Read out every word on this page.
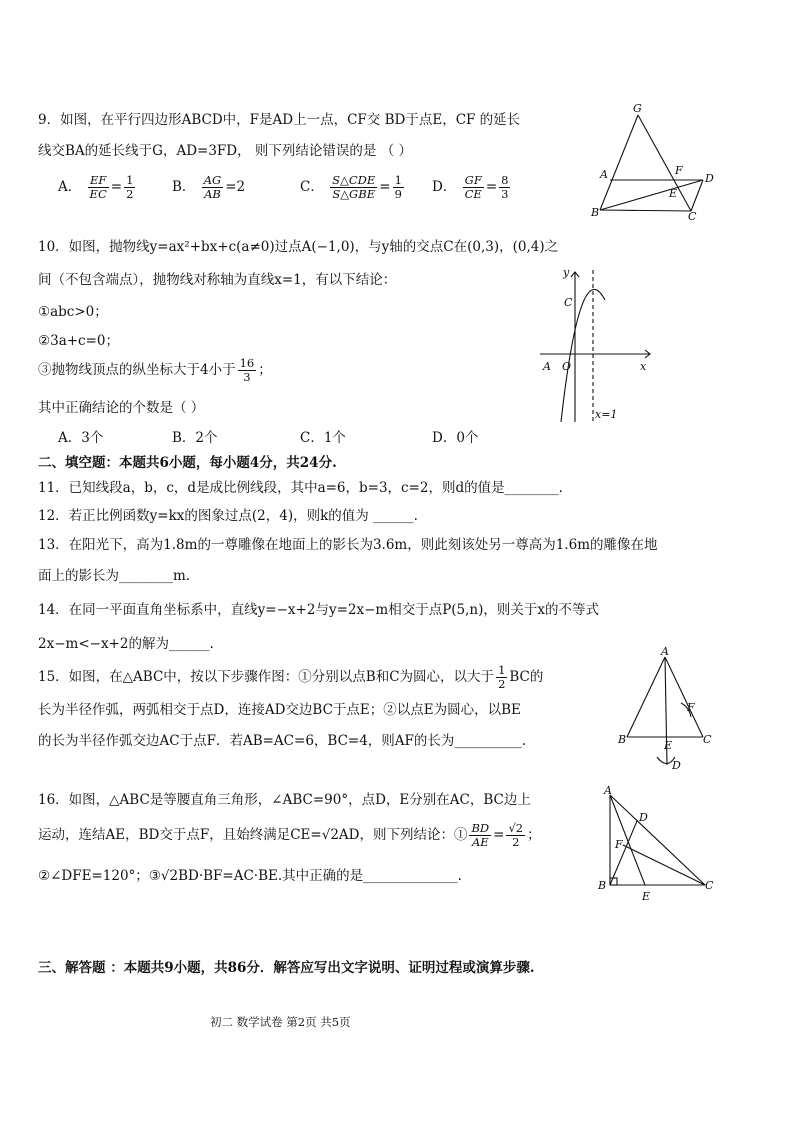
9．如图，在平行四边形ABCD中，F是AD上一点，CF交 BD于点E，CF 的延长
线交BA的延长线于G，AD=3FD， 则下列结论错误的是 （ ）
A． $\frac{EF}{EC} = \frac{1}{2}$	B． $\frac{AG}{AB} =2$	C． $\frac{\text{S△CDE}}{\text{S△GBE}} = \frac{1}{9}$ D． $\frac{GF}{CE} = \frac{8}{3}$
G
A	F
D
E
B	C
10．如图，抛物线y=ax²+bx+c(a≠0)过点A(−1,0)，与y轴的交点C在(0,3)，(0,4)之
间（不包含端点），抛物线对称轴为直线x=1，有以下结论：
①abc>0；
②3a+c=0；
③抛物线顶点的纵坐标大于4小于 $\frac{16}{3}$ ；
其中正确结论的个数是（ ）
A．3个	B．2个	C．1个	D．0个
y
C
A O	x
x=1
二、填空题：本题共6小题，每小题4分，共24分.
11．已知线段a，b，c，d是成比例线段，其中a=6，b=3，c=2，则d的值是________.
12．若正比例函数y=kx的图象过点(2，4)，则k的值为 ______.
13．在阳光下，高为1.8m的一尊雕像在地面上的影长为3.6m，则此刻该处另一尊高为1.6m的雕像在地
面上的影长为________m.
14．在同一平面直角坐标系中，直线y=−x+2与y=2x−m相交于点P(5,n)，则关于x的不等式
2x−m<−x+2的解为______.
15．如图，在△ABC中，按以下步骤作图：①分别以点B和C为圆心，以大于 $\frac{1}{2}$ BC的
长为半径作弧，两弧相交于点D，连接AD交边BC于点E；②以点E为圆心，以BE
的长为半径作弧交边AC于点F．若AB=AC=6，BC=4，则AF的长为__________.
A
F
B	E	C
D
16．如图，△ABC是等腰直角三角形，∠ABC=90°，点D，E分别在AC，BC边上
运动，连结AE，BD交于点F，且始终满足CE=√2AD，则下列结论：① $\frac{BD}{AE} = \frac{√2}{2}$ ；
②∠DFE=120°；③√2BD·BF=AC·BE.其中正确的是______________.
A
D
F
B
E
C
三、解答题 ：本题共9小题，共86分．解答应写出文字说明、证明过程或演算步骤.
初二 数学试卷 第2页 共5页
